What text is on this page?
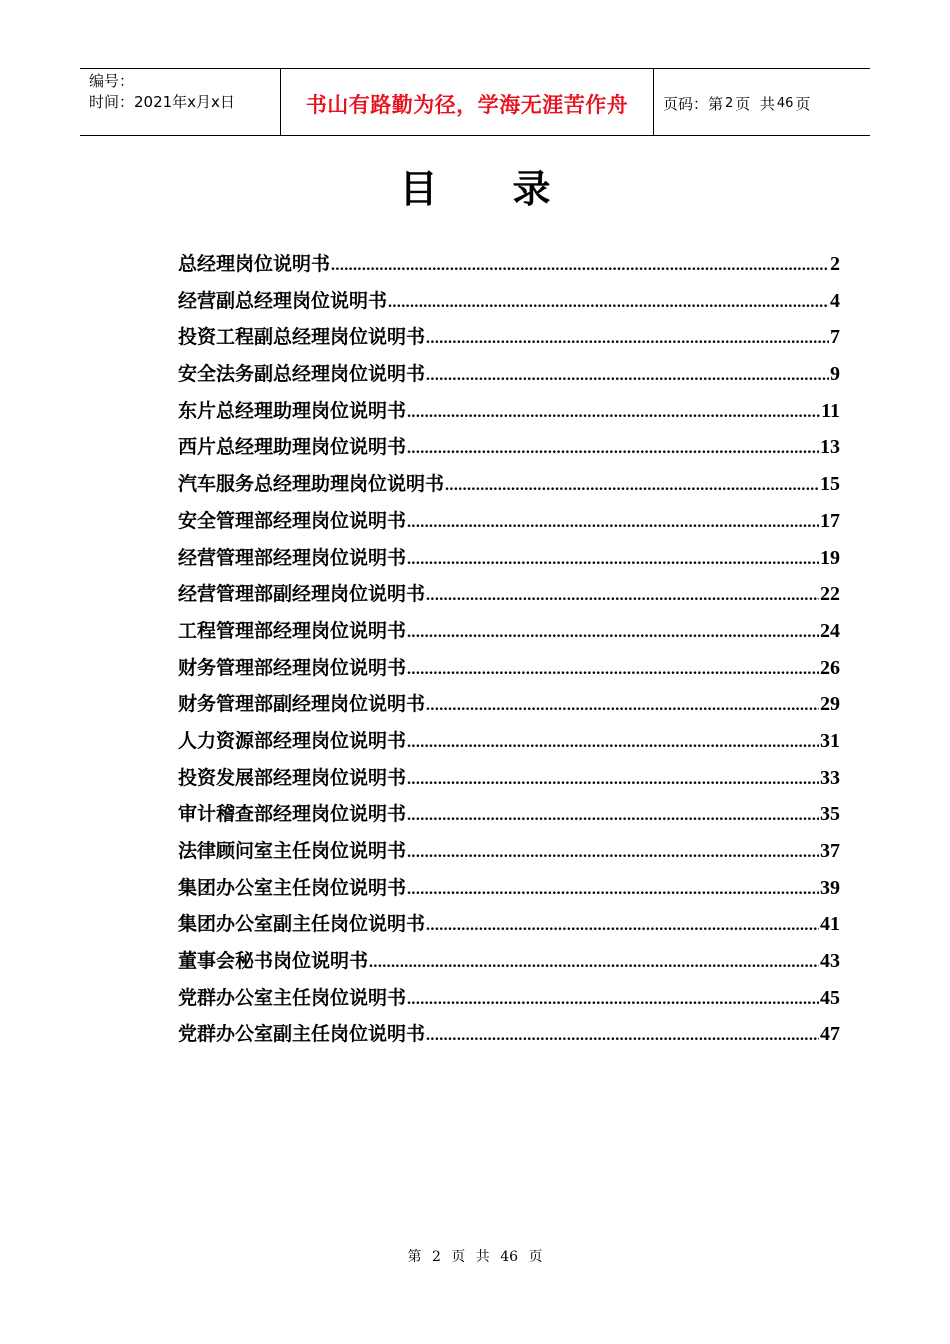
编号：
时间：2021年x月x日	书山有路勤为径，学海无涯苦作舟	页码：第 2 页  共 46 页
目录
总经理岗位说明书 .....	2
经营副总经理岗位说明书 .....	4
投资工程副总经理岗位说明书 .....	7
安全法务副总经理岗位说明书 .....	9
东片总经理助理岗位说明书 .....	11
西片总经理助理岗位说明书 .....	13
汽车服务总经理助理岗位说明书 .....	15
安全管理部经理岗位说明书 .....	17
经营管理部经理岗位说明书 .....	19
经营管理部副经理岗位说明书 .....	22
工程管理部经理岗位说明书 .....	24
财务管理部经理岗位说明书 .....	26
财务管理部副经理岗位说明书 .....	29
人力资源部经理岗位说明书 .....	31
投资发展部经理岗位说明书 .....	33
审计稽查部经理岗位说明书 .....	35
法律顾问室主任岗位说明书 .....	37
集团办公室主任岗位说明书 .....	39
集团办公室副主任岗位说明书 .....	41
董事会秘书岗位说明书 .....	43
党群办公室主任岗位说明书 .....	45
党群办公室副主任岗位说明书 .....	47
第 2 页 共 46 页
